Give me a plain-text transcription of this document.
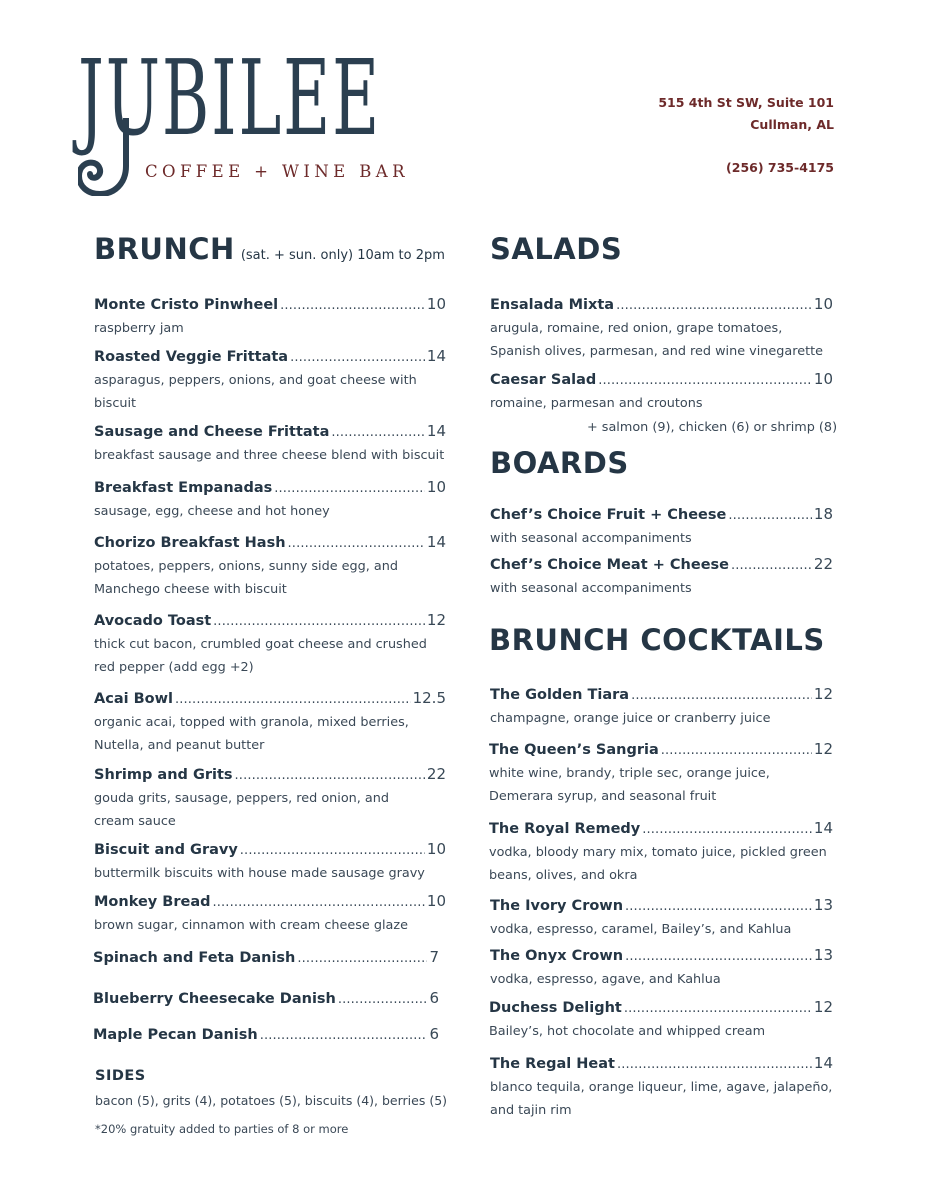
JUBILEE
COFFEE + WINE BAR
515 4th St SW, Suite 101
Cullman, AL
(256) 735-4175
BRUNCH (sat. + sun. only) 10am to 2pm
Monte Cristo Pinwheel . . .	10
raspberry jam
Roasted Veggie Frittata . . .	14
asparagus, peppers, onions, and goat cheese with biscuit
Sausage and Cheese Frittata . . .	14
breakfast sausage and three cheese blend with biscuit
Breakfast Empanadas . . .	10
sausage, egg, cheese and hot honey
Chorizo Breakfast Hash . . .	14
potatoes, peppers, onions, sunny side egg, and Manchego cheese with biscuit
Avocado Toast . . .	12
thick cut bacon, crumbled goat cheese and crushed red pepper (add egg +2)
Acai Bowl . . .	12.5
organic acai, topped with granola, mixed berries, Nutella, and peanut butter
Shrimp and Grits . . .	22
gouda grits, sausage, peppers, red onion, and cream sauce
Biscuit and Gravy . . .	10
buttermilk biscuits with house made sausage gravy
Monkey Bread . . .	10
brown sugar, cinnamon with cream cheese glaze
Spinach and Feta Danish . . .	7
Blueberry Cheesecake Danish . . .	6
Maple Pecan Danish . . .	6
SIDES
bacon (5), grits (4), potatoes (5), biscuits (4), berries (5)
*20% gratuity added to parties of 8 or more
SALADS
Ensalada Mixta . . .	10
arugula, romaine, red onion, grape tomatoes, Spanish olives, parmesan, and red wine vinegarette
Caesar Salad . . .	10
romaine, parmesan and croutons
+ salmon (9), chicken (6) or shrimp (8)
BOARDS
Chef’s Choice Fruit + Cheese . . .	18
with seasonal accompaniments
Chef’s Choice Meat + Cheese . . .	22
with seasonal accompaniments
BRUNCH COCKTAILS
The Golden Tiara . . .	12
champagne, orange juice or cranberry juice
The Queen’s Sangria . . .	12
white wine, brandy, triple sec, orange juice, Demerara syrup, and seasonal fruit
The Royal Remedy . . .	14
vodka, bloody mary mix, tomato juice, pickled green beans, olives, and okra
The Ivory Crown . . .	13
vodka, espresso, caramel, Bailey’s, and Kahlua
The Onyx Crown . . .	13
vodka, espresso, agave, and Kahlua
Duchess Delight . . .	12
Bailey’s, hot chocolate and whipped cream
The Regal Heat . . .	14
blanco tequila, orange liqueur, lime, agave, jalapeño, and tajin rim
